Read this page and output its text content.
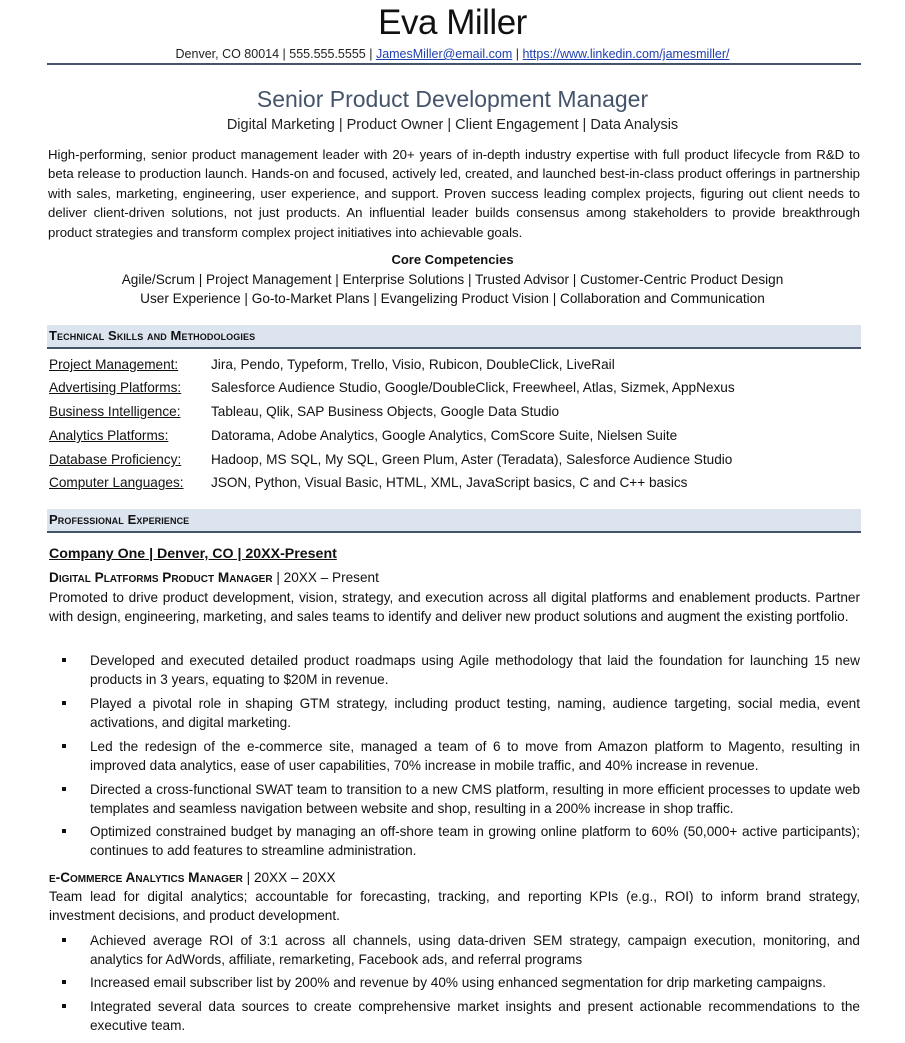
Eva Miller
Denver, CO 80014 | 555.555.5555 | JamesMiller@email.com | https://www.linkedin.com/jamesmiller/
Senior Product Development Manager
Digital Marketing | Product Owner | Client Engagement | Data Analysis
High-performing, senior product management leader with 20+ years of in-depth industry expertise with full product lifecycle from R&D to beta release to production launch. Hands-on and focused, actively led, created, and launched best-in-class product offerings in partnership with sales, marketing, engineering, user experience, and support. Proven success leading complex projects, figuring out client needs to deliver client-driven solutions, not just products. An influential leader builds consensus among stakeholders to provide breakthrough product strategies and transform complex project initiatives into achievable goals.
Core Competencies
Agile/Scrum | Project Management | Enterprise Solutions | Trusted Advisor | Customer-Centric Product Design
User Experience | Go-to-Market Plans | Evangelizing Product Vision | Collaboration and Communication
Technical Skills and Methodologies
Project Management: Jira, Pendo, Typeform, Trello, Visio, Rubicon, DoubleClick, LiveRail
Advertising Platforms: Salesforce Audience Studio, Google/DoubleClick, Freewheel, Atlas, Sizmek, AppNexus
Business Intelligence: Tableau, Qlik, SAP Business Objects, Google Data Studio
Analytics Platforms:	Datorama, Adobe Analytics, Google Analytics, ComScore Suite, Nielsen Suite
Database Proficiency: Hadoop, MS SQL, My SQL, Green Plum, Aster (Teradata), Salesforce Audience Studio
Computer Languages: JSON, Python, Visual Basic, HTML, XML, JavaScript basics, C and C++ basics
Professional Experience
Company One | Denver, CO | 20XX-Present
Digital Platforms Product Manager | 20XX – Present
Promoted to drive product development, vision, strategy, and execution across all digital platforms and enablement products. Partner with design, engineering, marketing, and sales teams to identify and deliver new product solutions and augment the existing portfolio.
Developed and executed detailed product roadmaps using Agile methodology that laid the foundation for launching 15 new products in 3 years, equating to $20M in revenue.
Played a pivotal role in shaping GTM strategy, including product testing, naming, audience targeting, social media, event activations, and digital marketing.
Led the redesign of the e-commerce site, managed a team of 6 to move from Amazon platform to Magento, resulting in improved data analytics, ease of user capabilities, 70% increase in mobile traffic, and 40% increase in revenue.
Directed a cross-functional SWAT team to transition to a new CMS platform, resulting in more efficient processes to update web templates and seamless navigation between website and shop, resulting in a 200% increase in shop traffic.
Optimized constrained budget by managing an off-shore team in growing online platform to 60% (50,000+ active participants); continues to add features to streamline administration.
e-Commerce Analytics Manager | 20XX – 20XX
Team lead for digital analytics; accountable for forecasting, tracking, and reporting KPIs (e.g., ROI) to inform brand strategy, investment decisions, and product development.
Achieved average ROI of 3:1 across all channels, using data-driven SEM strategy, campaign execution, monitoring, and analytics for AdWords, affiliate, remarketing, Facebook ads, and referral programs
Increased email subscriber list by 200% and revenue by 40% using enhanced segmentation for drip marketing campaigns.
Integrated several data sources to create comprehensive market insights and present actionable recommendations to the executive team.
